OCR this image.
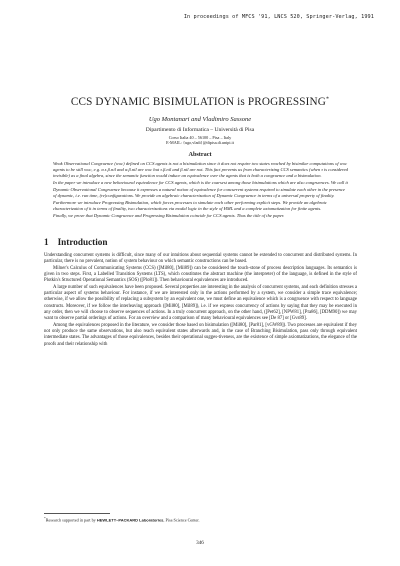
In proceedings of MFCS '91, LNCS 520, Springer-Verlag, 1991
CCS DYNAMIC BISIMULATION is PROGRESSING*
Ugo Montanari and Vladimiro Sassone
Dipartimento di Informatica – Università di Pisa
Corso Italia 40 – 56100 – Pisa – Italy
E-MAIL: {ugo,vladi}@dipisa.di.unipi.it
Abstract

Weak Observational Congruence (woc) defined on CCS agents is not a bisimulation since it does not require two states reached by bisimilar computations of woc agents to be still woc, e.g. α.τ.β.nil and α.β.nil are woc but τ.β.nil and β.nil are not. This fact prevents us from characterizing CCS semantics (when τ is considered invisible) as a final algebra, since the semantic function would induce an equivalence over the agents that is both a congruence and a bisimulation.

In the paper we introduce a new behavioural equivalence for CCS agents, which is the coarsest among those bisimulations which are also congruences. We call it Dynamic Observational Congruence because it expresses a natural notion of equivalence for concurrent systems required to simulate each other in the presence of dynamic, i.e. run time, (re)configurations. We provide an algebraic characterization of Dynamic Congruence in terms of a universal property of finality.

Furthermore we introduce Progressing Bisimulation, which forces processes to simulate each other performing explicit steps. We provide an algebraic characterization of it in terms of finality, two characterizations via modal logic in the style of HML and a complete axiomatization for finite agents.

Finally, we prove that Dynamic Congruence and Progressing Bisimulation coincide for CCS agents. Thus the title of the paper.

1 Introduction

Understanding concurrent systems is difficult, since many of our intuitions about sequential systems cannot be extended to concurrent and distributed systems. In particular, there is no prevalent, notion of system behaviour on which semantic constructions can be based.

Milner's Calculus of Communicating Systems (CCS) ([Mil80], [Mil89]) can be considered the touch-stone of process description languages. Its semantics is given in two steps. First, a Labelled Transition Systems (LTS), which constitutes the abstract machine (the interpreter) of the language, is defined in the style of Plotkin's Structured Operational Semantics (SOS) ([Plo81]). Then behavioural equivalences are introduced.

A large number of such equivalences have been proposed. Several properties are interesting in the analysis of concurrent systems, and each definition stresses a particular aspect of systems behaviour. For instance, if we are interested only in the actions performed by a system, we consider a simple trace equivalence; otherwise, if we allow the possibility of replacing a subsystem by an equivalent one, we must define an equivalence which is a congruence with respect to language constructs. Moreover, if we follow the interleaving approach ([Mil80], [Mil89]), i.e. if we express concurrency of actions by saying that they may be executed in any order, then we will choose to observe sequences of actions. In a truly concurrent approach, on the other hand, ([Pet62], [NPW81], [Pra86], [DDM90]) we may want to observe partial orderings of actions. For an overview and a comparison of many behavioural equivalences see [De 87] or [Gvs89].

Among the equivalences proposed in the literature, we consider those based on bisimulation ([Mil80], [Par81], [vGW89]). Two processes are equivalent if they not only produce the same observations, but also reach equivalent states afterwards and, in the case of Branching Bisimulation, pass only through equivalent intermediate states. The advantages of those equivalences, besides their operational sugges-tiveness, are the existence of simple axiomatizations, the elegance of the proofs and their relationship with

*Research supported in part by HEWLETT–PACKARD Laboratories, Pisa Science Center.
346
